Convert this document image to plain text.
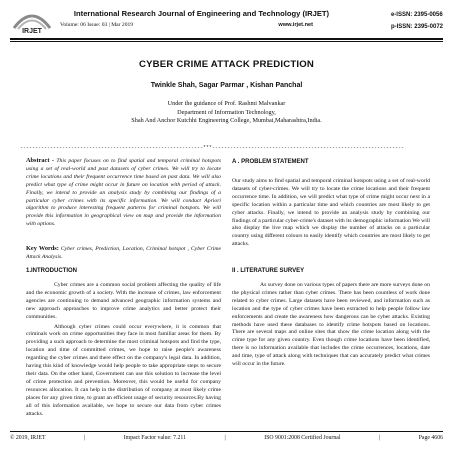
IRJET
International Research Journal of Engineering and Technology (IRJET)
Volume: 06 Issue: 03 | Mar 2019	www.irjet.net
e-ISSN: 2395-0056
p-ISSN: 2395-0072
CYBER CRIME ATTACK PREDICTION
Twinkle Shah, Sagar Parmar , Kishan Panchal
Under the guidance of Prof. Rashmi Malvankar
Department of Information Technology,
Shah And Anchor Kutchhi Engineering College, Mumbai,Maharashtra,India.
-------------------------------------------------------------***----------------------------------------------------------------
Abstract - This paper focuses on to find spatial and temporal criminal hotspots using a set of real-world and past datasets of cyber crimes. We will try to locate crime locations and their frequent occurrence time based on past data. We will also predict what type of crime might occur in future on location with period of attack. Finally, we intend to provide an analysis study by combining our findings of a particular cyber crimes with its specific information. We will conduct Apriori algorithm to produce interesting frequent patterns for criminal hotspots. We will provide this information in geographical view on map and provide the information with options.
Key Words: Cyber crimes, Prediction, Location, Criminal hotspot , Cyber Crime Attack Analysis.
1.INTRODUCTION

Cyber crimes are a common social problem affecting the quality of life and the economic growth of a society. With the increase of crimes, law enforcement agencies are continuing to demand advanced geographic information systems and new approach approaches to improve crime analytics and better protect their communities.

Although cyber crimes could occur everywhere, it is common that criminals work on crime opportunities they face in most familiar areas for them. By providing a such approach to determine the most criminal hotspots and find the type, location and time of committed crimes, we hope to raise people's awareness regarding the cyber crimes and there effect on the company's legal data. In addition, having this kind of knowledge would help people to take appropriate steps to secure their data. On the other hand, Government can use this solution to increase the level of crime protection and prevention. Moreover, this would be useful for company resources allocation. It can help in the distribution of company at most likely crime places for any given time, to grant an efficient usage of security resources.By having all of this information available, we hope to secure our data from cyber crimes attacks.

A . PROBLEM STATEMENT
Our study aims to find spatial and temporal criminal hotspots using a set of real-world datasets of cyber-crimes. We will try to locate the crime locations and their frequent occurrence time. In addition, we will predict what type of crime might occur next in a specific location within a particular time and which countries are most likely to get cyber attacks. Finally, we intend to provide an analysis study by combining our findings of a particular cyber-crime's dataset with its demographic information We will also display the live map which we display the number of attacks on a particular country using different colours to easily identify which countries are most likely to get attacks.
II . LITERATURE SURVEY

As survey done on various types of papers there are more surveys done on the physical crimes rather than cyber crimes. There has been countless of work done related to cyber crimes. Large datasets have been reviewed, and information such as location and the type of cyber crimes have been extracted to help people follow law enforcements and create the awareness how dangerous can be cyber attacks. Existing methods have used these databases to identify crime hotspots based on locations. There are several maps and online sites that show the crime location along with the crime type for any given country. Even though crime locations have been identified, there is no information available that includes the crime occurrences, locations, date and time, type of attack along with techniques that can accurately predict what crimes will occur in the future.

© 2019, IRJET	|	Impact Factor value: 7.211	|	ISO 9001:2008 Certified Journal	|	Page 4606
